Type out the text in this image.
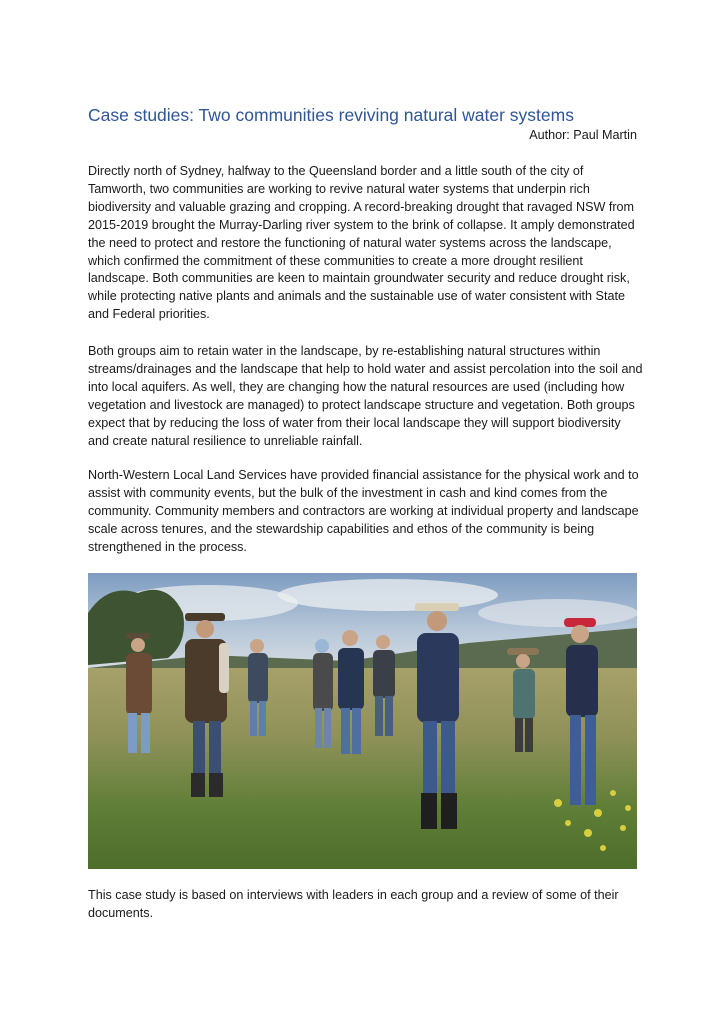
Case studies: Two communities reviving natural water systems
Author: Paul Martin

Directly north of Sydney, halfway to the Queensland border and a little south of the city of Tamworth, two communities are working to revive natural water systems that underpin rich biodiversity and valuable grazing and cropping. A record-breaking drought that ravaged NSW from 2015-2019 brought the Murray-Darling river system to the brink of collapse. It amply demonstrated the need to protect and restore the functioning of natural water systems across the landscape, which confirmed the commitment of these communities to create a more drought resilient landscape. Both communities are keen to maintain groundwater security and reduce drought risk, while protecting native plants and animals and the sustainable use of water consistent with State and Federal priorities.

Both groups aim to retain water in the landscape, by re-establishing natural structures within streams/drainages and the landscape that help to hold water and assist percolation into the soil and into local aquifers. As well, they are changing how the natural resources are used (including how vegetation and livestock are managed) to protect landscape structure and vegetation. Both groups expect that by reducing the loss of water from their local landscape they will support biodiversity and create natural resilience to unreliable rainfall.

North-Western Local Land Services have provided financial assistance for the physical work and to assist with community events, but the bulk of the investment in cash and kind comes from the community. Community members and contractors are working at individual property and landscape scale across tenures, and the stewardship capabilities and ethos of the community is being strengthened in the process.

This case study is based on interviews with leaders in each group and a review of some of their documents.
